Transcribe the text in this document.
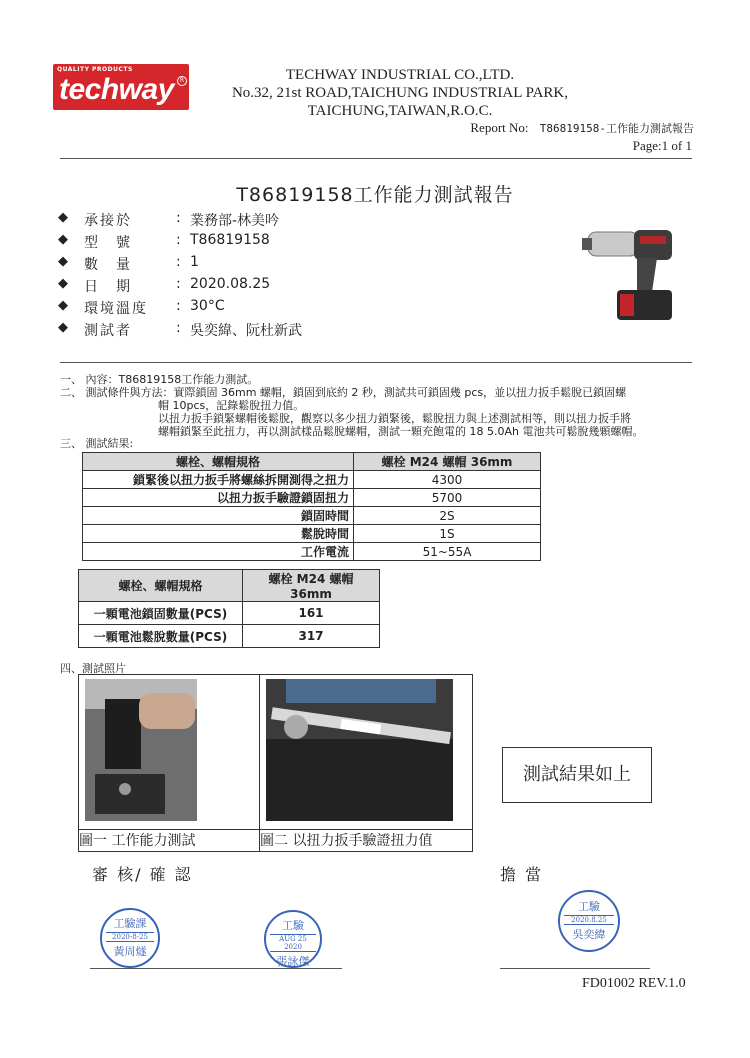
QUALITY PRODUCTS
techway	R	TECHWAY INDUSTRIAL CO.,LTD.
No.32, 21st ROAD,TAICHUNG INDUSTRIAL PARK,
TAICHUNG,TAIWAN,R.O.C.
Report No: T86819158-工作能力測試報告
Page:1 of 1
T86819158工作能力測試報告
◆ 承接於	: 業務部-林美吟
◆ 型　號	: T86819158
◆ 數　量	: 1
◆ 日　期	: 2020.08.25
◆ 環境溫度	: 30°C
◆ 測試者	: 吳奕緯、阮杜新武
一、 內容：T86819158工作能力測試。
二、 測試條件與方法：實際鎖固 36mm 螺帽，鎖固到底約 2 秒，測試共可鎖固幾 pcs，並以扭力扳手鬆脫已鎖固螺
帽 10pcs，記錄鬆脫扭力值。
以扭力扳手鎖緊螺帽後鬆脫，觀察以多少扭力鎖緊後，鬆脫扭力與上述測試相等，則以扭力扳手將
螺帽鎖緊至此扭力，再以測試樣品鬆脫螺帽，測試一顆充飽電的 18 5.0Ah 電池共可鬆脫幾顆螺帽。
三、 測試結果:
螺栓、螺帽規格	螺栓 M24 螺帽 36mm
鎖緊後以扭力扳手將螺絲拆開測得之扭力	4300
以扭力扳手驗證鎖固扭力	5700
鎖固時間	2S
鬆脫時間	1S
工作電流	51~55A
螺栓、螺帽規格	螺栓 M24 螺帽 36mm
一顆電池鎖固數量(PCS)	161
一顆電池鬆脫數量(PCS)	317
四、測試照片
圖一 工作能力測試	圖二 以扭力扳手驗證扭力值
測試結果如上
審 核/ 確 認	擔 當
工驗課
2020-8-25
黃周燧
工驗
AUG 25 2020
張詠傑
工驗
2020.8.25
吳奕緯
FD01002 REV.1.0
